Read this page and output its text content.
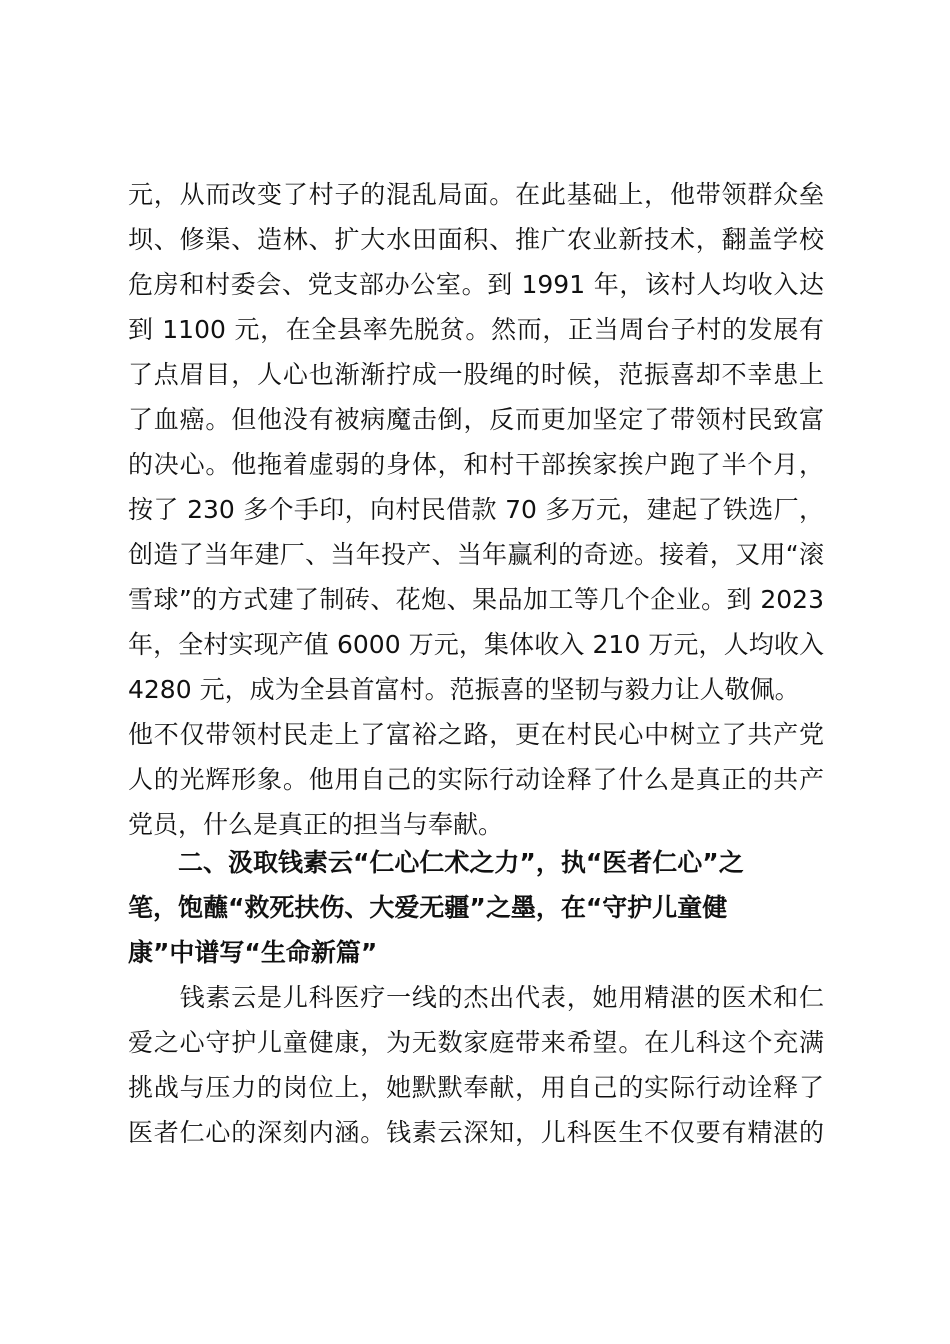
元，从而改变了村子的混乱局面。在此基础上，他带领群众垒
坝、修渠、造林、扩大水田面积、推广农业新技术，翻盖学校
危房和村委会、党支部办公室。到 1991 年，该村人均收入达
到 1100 元，在全县率先脱贫。然而，正当周台子村的发展有
了点眉目，人心也渐渐拧成一股绳的时候，范振喜却不幸患上
了血癌。但他没有被病魔击倒，反而更加坚定了带领村民致富
的决心。他拖着虚弱的身体，和村干部挨家挨户跑了半个月，
按了 230 多个手印，向村民借款 70 多万元，建起了铁选厂，
创造了当年建厂、当年投产、当年赢利的奇迹。接着，又用“滚
雪球”的方式建了制砖、花炮、果品加工等几个企业。到 2023
年，全村实现产值 6000 万元，集体收入 210 万元，人均收入
4280 元，成为全县首富村。范振喜的坚韧与毅力让人敬佩。
他不仅带领村民走上了富裕之路，更在村民心中树立了共产党
人的光辉形象。他用自己的实际行动诠释了什么是真正的共产
党员，什么是真正的担当与奉献。
　　二、汲取钱素云“仁心仁术之力”，执“医者仁心”之
笔，饱蘸“救死扶伤、大爱无疆”之墨，在“守护儿童健
康”中谱写“生命新篇”
　　钱素云是儿科医疗一线的杰出代表，她用精湛的医术和仁
爱之心守护儿童健康，为无数家庭带来希望。在儿科这个充满
挑战与压力的岗位上，她默默奉献，用自己的实际行动诠释了
医者仁心的深刻内涵。钱素云深知，儿科医生不仅要有精湛的
